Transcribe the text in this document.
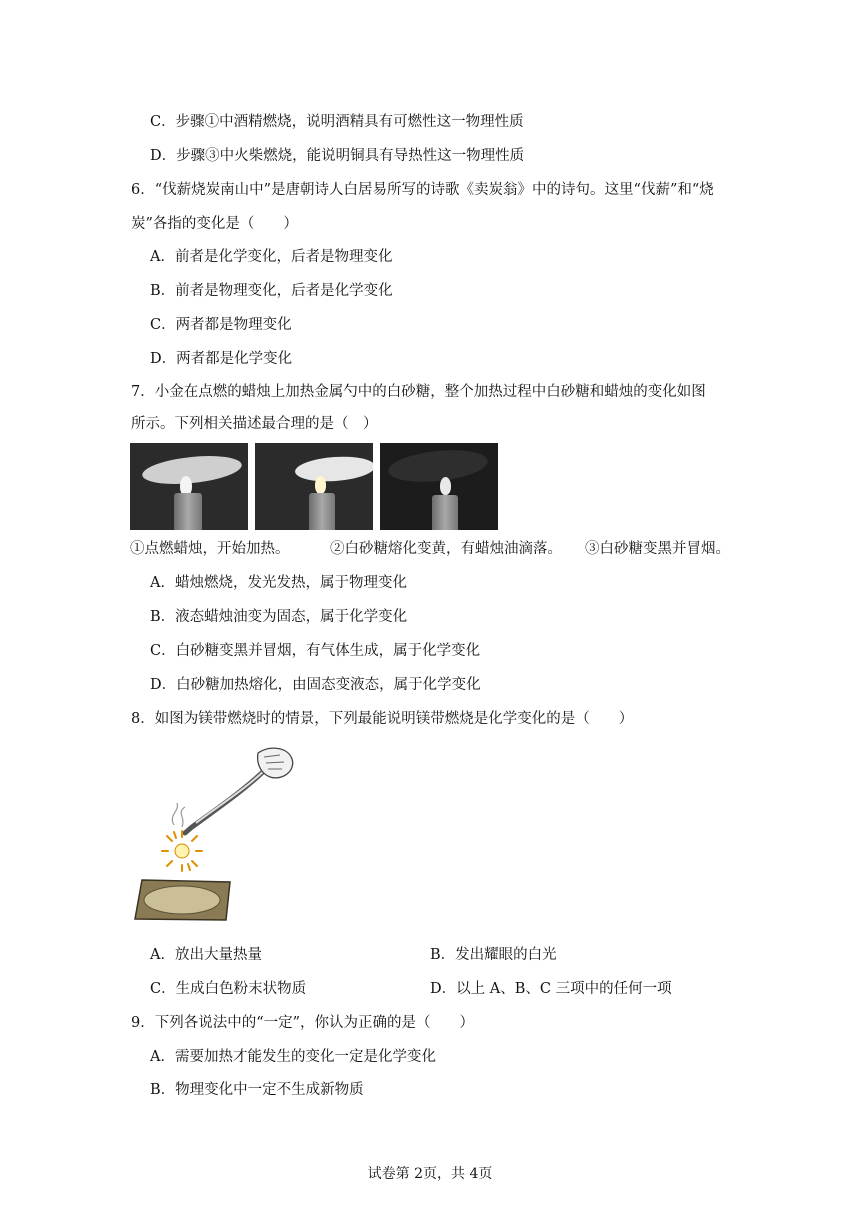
C．步骤①中酒精燃烧，说明酒精具有可燃性这一物理性质
D．步骤③中火柴燃烧，能说明铜具有导热性这一物理性质
6．“伐薪烧炭南山中”是唐朝诗人白居易所写的诗歌《卖炭翁》中的诗句。这里“伐薪”和“烧
炭”各指的变化是（　　）
A．前者是化学变化，后者是物理变化
B．前者是物理变化，后者是化学变化
C．两者都是物理变化
D．两者都是化学变化
7．小金在点燃的蜡烛上加热金属勺中的白砂糖，整个加热过程中白砂糖和蜡烛的变化如图
所示。下列相关描述最合理的是（　）
①点燃蜡烛，开始加热。	②白砂糖熔化变黄，有蜡烛油滴落。 ③白砂糖变黑并冒烟。
A．蜡烛燃烧，发光发热，属于物理变化
B．液态蜡烛油变为固态，属于化学变化
C．白砂糖变黑并冒烟，有气体生成，属于化学变化
D．白砂糖加热熔化，由固态变液态，属于化学变化
8．如图为镁带燃烧时的情景，下列最能说明镁带燃烧是化学变化的是（　　）
A．放出大量热量	B．发出耀眼的白光
C．生成白色粉末状物质	D．以上 A、B、C 三项中的任何一项
9．下列各说法中的“一定”，你认为正确的是（　　）
A．需要加热才能发生的变化一定是化学变化
B．物理变化中一定不生成新物质
试卷第 2页，共 4页
